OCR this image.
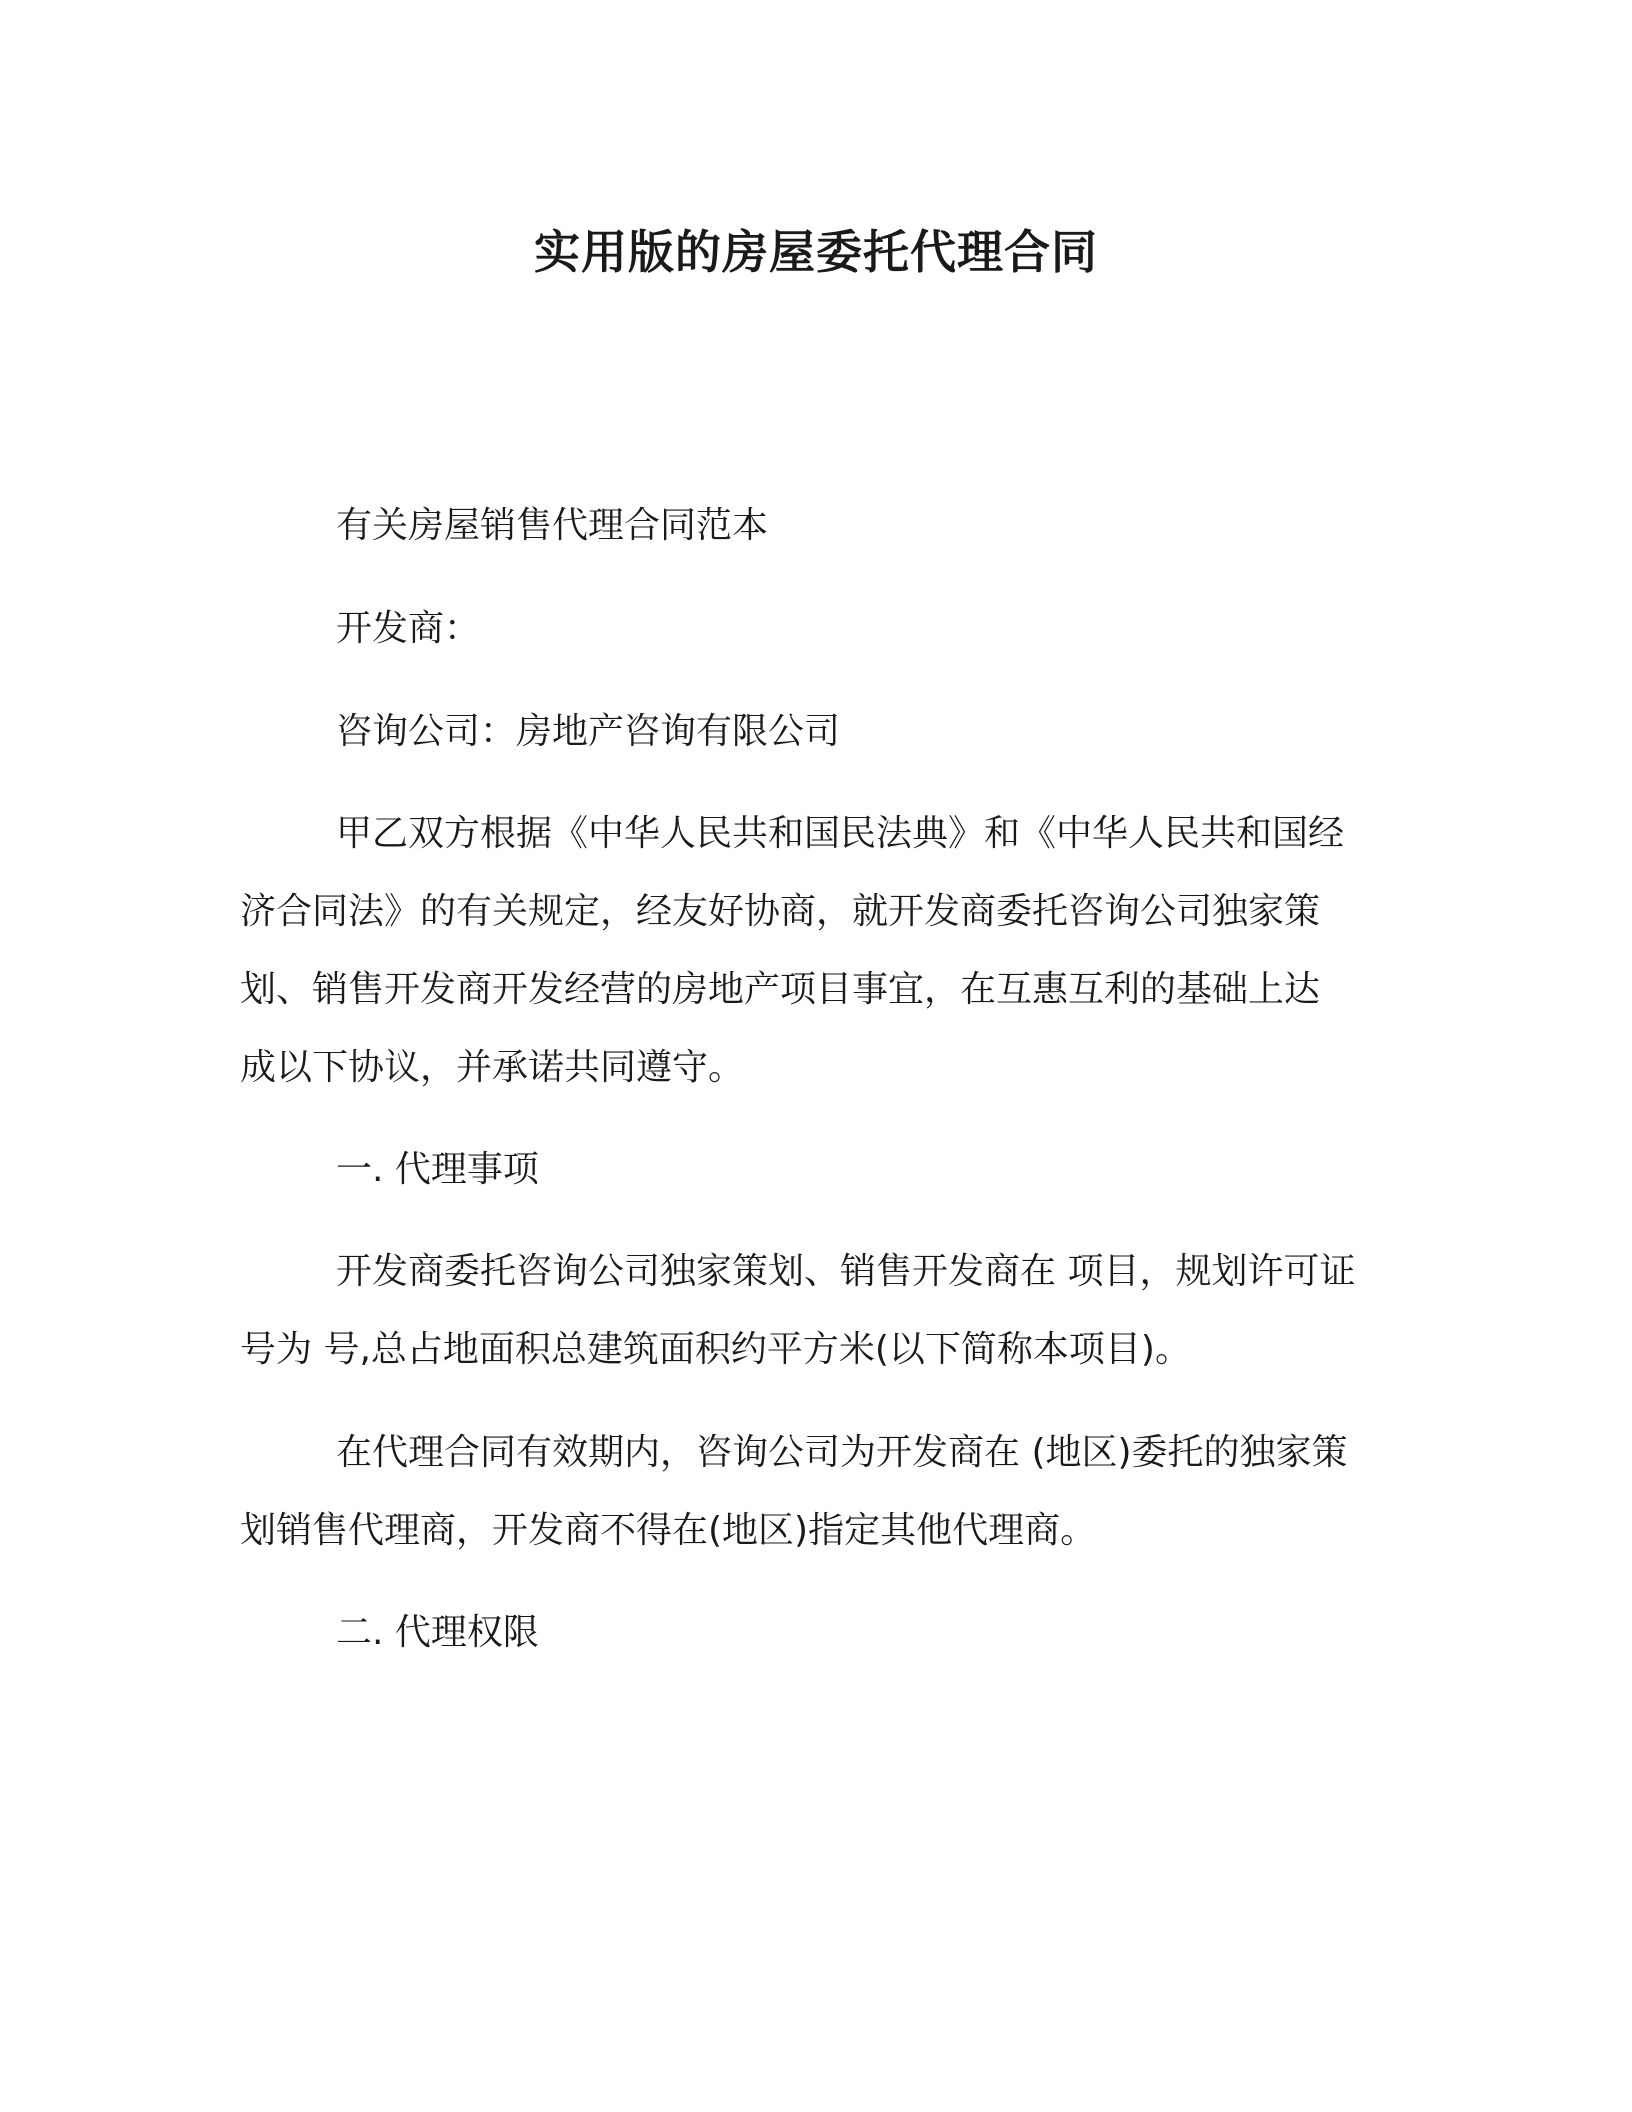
实用版的房屋委托代理合同
有关房屋销售代理合同范本
开发商：
咨询公司：房地产咨询有限公司
甲乙双方根据《中华人民共和国民法典》和《中华人民共和国经
济合同法》的有关规定，经友好协商，就开发商委托咨询公司独家策
划、销售开发商开发经营的房地产项目事宜，在互惠互利的基础上达
成以下协议，并承诺共同遵守。
一. 代理事项
开发商委托咨询公司独家策划、销售开发商在 项目，规划许可证
号为 号,总占地面积总建筑面积约平方米(以下简称本项目)。
在代理合同有效期内，咨询公司为开发商在 (地区)委托的独家策
划销售代理商，开发商不得在(地区)指定其他代理商。
二. 代理权限
